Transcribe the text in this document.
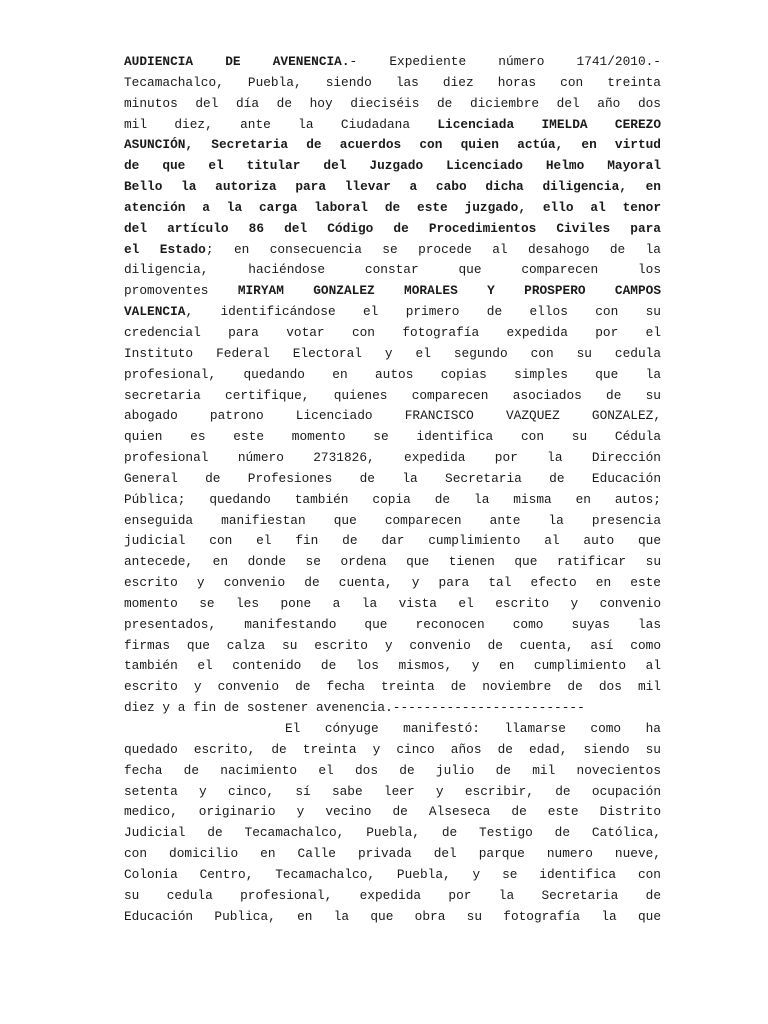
AUDIENCIA DE AVENENCIA.- Expediente número 1741/2010.-
Tecamachalco, Puebla, siendo las diez horas con treinta
minutos del día de hoy dieciséis de diciembre del año dos
mil diez, ante la Ciudadana Licenciada IMELDA CEREZO
ASUNCIÓN, Secretaria de acuerdos con quien actúa, en virtud
de que el titular del Juzgado Licenciado Helmo Mayoral
Bello la autoriza para llevar a cabo dicha diligencia, en
atención a la carga laboral de este juzgado, ello al tenor
del artículo 86 del Código de Procedimientos Civiles para
el Estado; en consecuencia se procede al desahogo de la
diligencia, haciéndose constar que comparecen los
promoventes MIRYAM GONZALEZ MORALES Y PROSPERO CAMPOS
VALENCIA, identificándose el primero de ellos con su
credencial para votar con fotografía expedida por el
Instituto Federal Electoral y el segundo con su cedula
profesional, quedando en autos copias simples que la
secretaria certifique, quienes comparecen asociados de su
abogado patrono Licenciado FRANCISCO VAZQUEZ GONZALEZ,
quien es este momento se identifica con su Cédula
profesional número 2731826, expedida por la Dirección
General de Profesiones de la Secretaria de Educación
Pública; quedando también copia de la misma en autos;
enseguida manifiestan que comparecen ante la presencia
judicial con el fin de dar cumplimiento al auto que
antecede, en donde se ordena que tienen que ratificar su
escrito y convenio de cuenta, y para tal efecto en este
momento se les pone a la vista el escrito y convenio
presentados, manifestando que reconocen como suyas las
firmas que calza su escrito y convenio de cuenta, así como
también el contenido de los mismos, y en cumplimiento al
escrito y convenio de fecha treinta de noviembre de dos mil
diez y a fin de sostener avenencia.-------------------------
El cónyuge manifestó: llamarse como ha
quedado escrito, de treinta y cinco años de edad, siendo su
fecha de nacimiento el dos de julio de mil novecientos
setenta y cinco, sí sabe leer y escribir, de ocupación
medico, originario y vecino de Alseseca de este Distrito
Judicial de Tecamachalco, Puebla, de Testigo de Católica,
con domicilio en Calle privada del parque numero nueve,
Colonia Centro, Tecamachalco, Puebla, y se identifica con
su cedula profesional, expedida por la Secretaria de
Educación Publica, en la que obra su fotografía la que
